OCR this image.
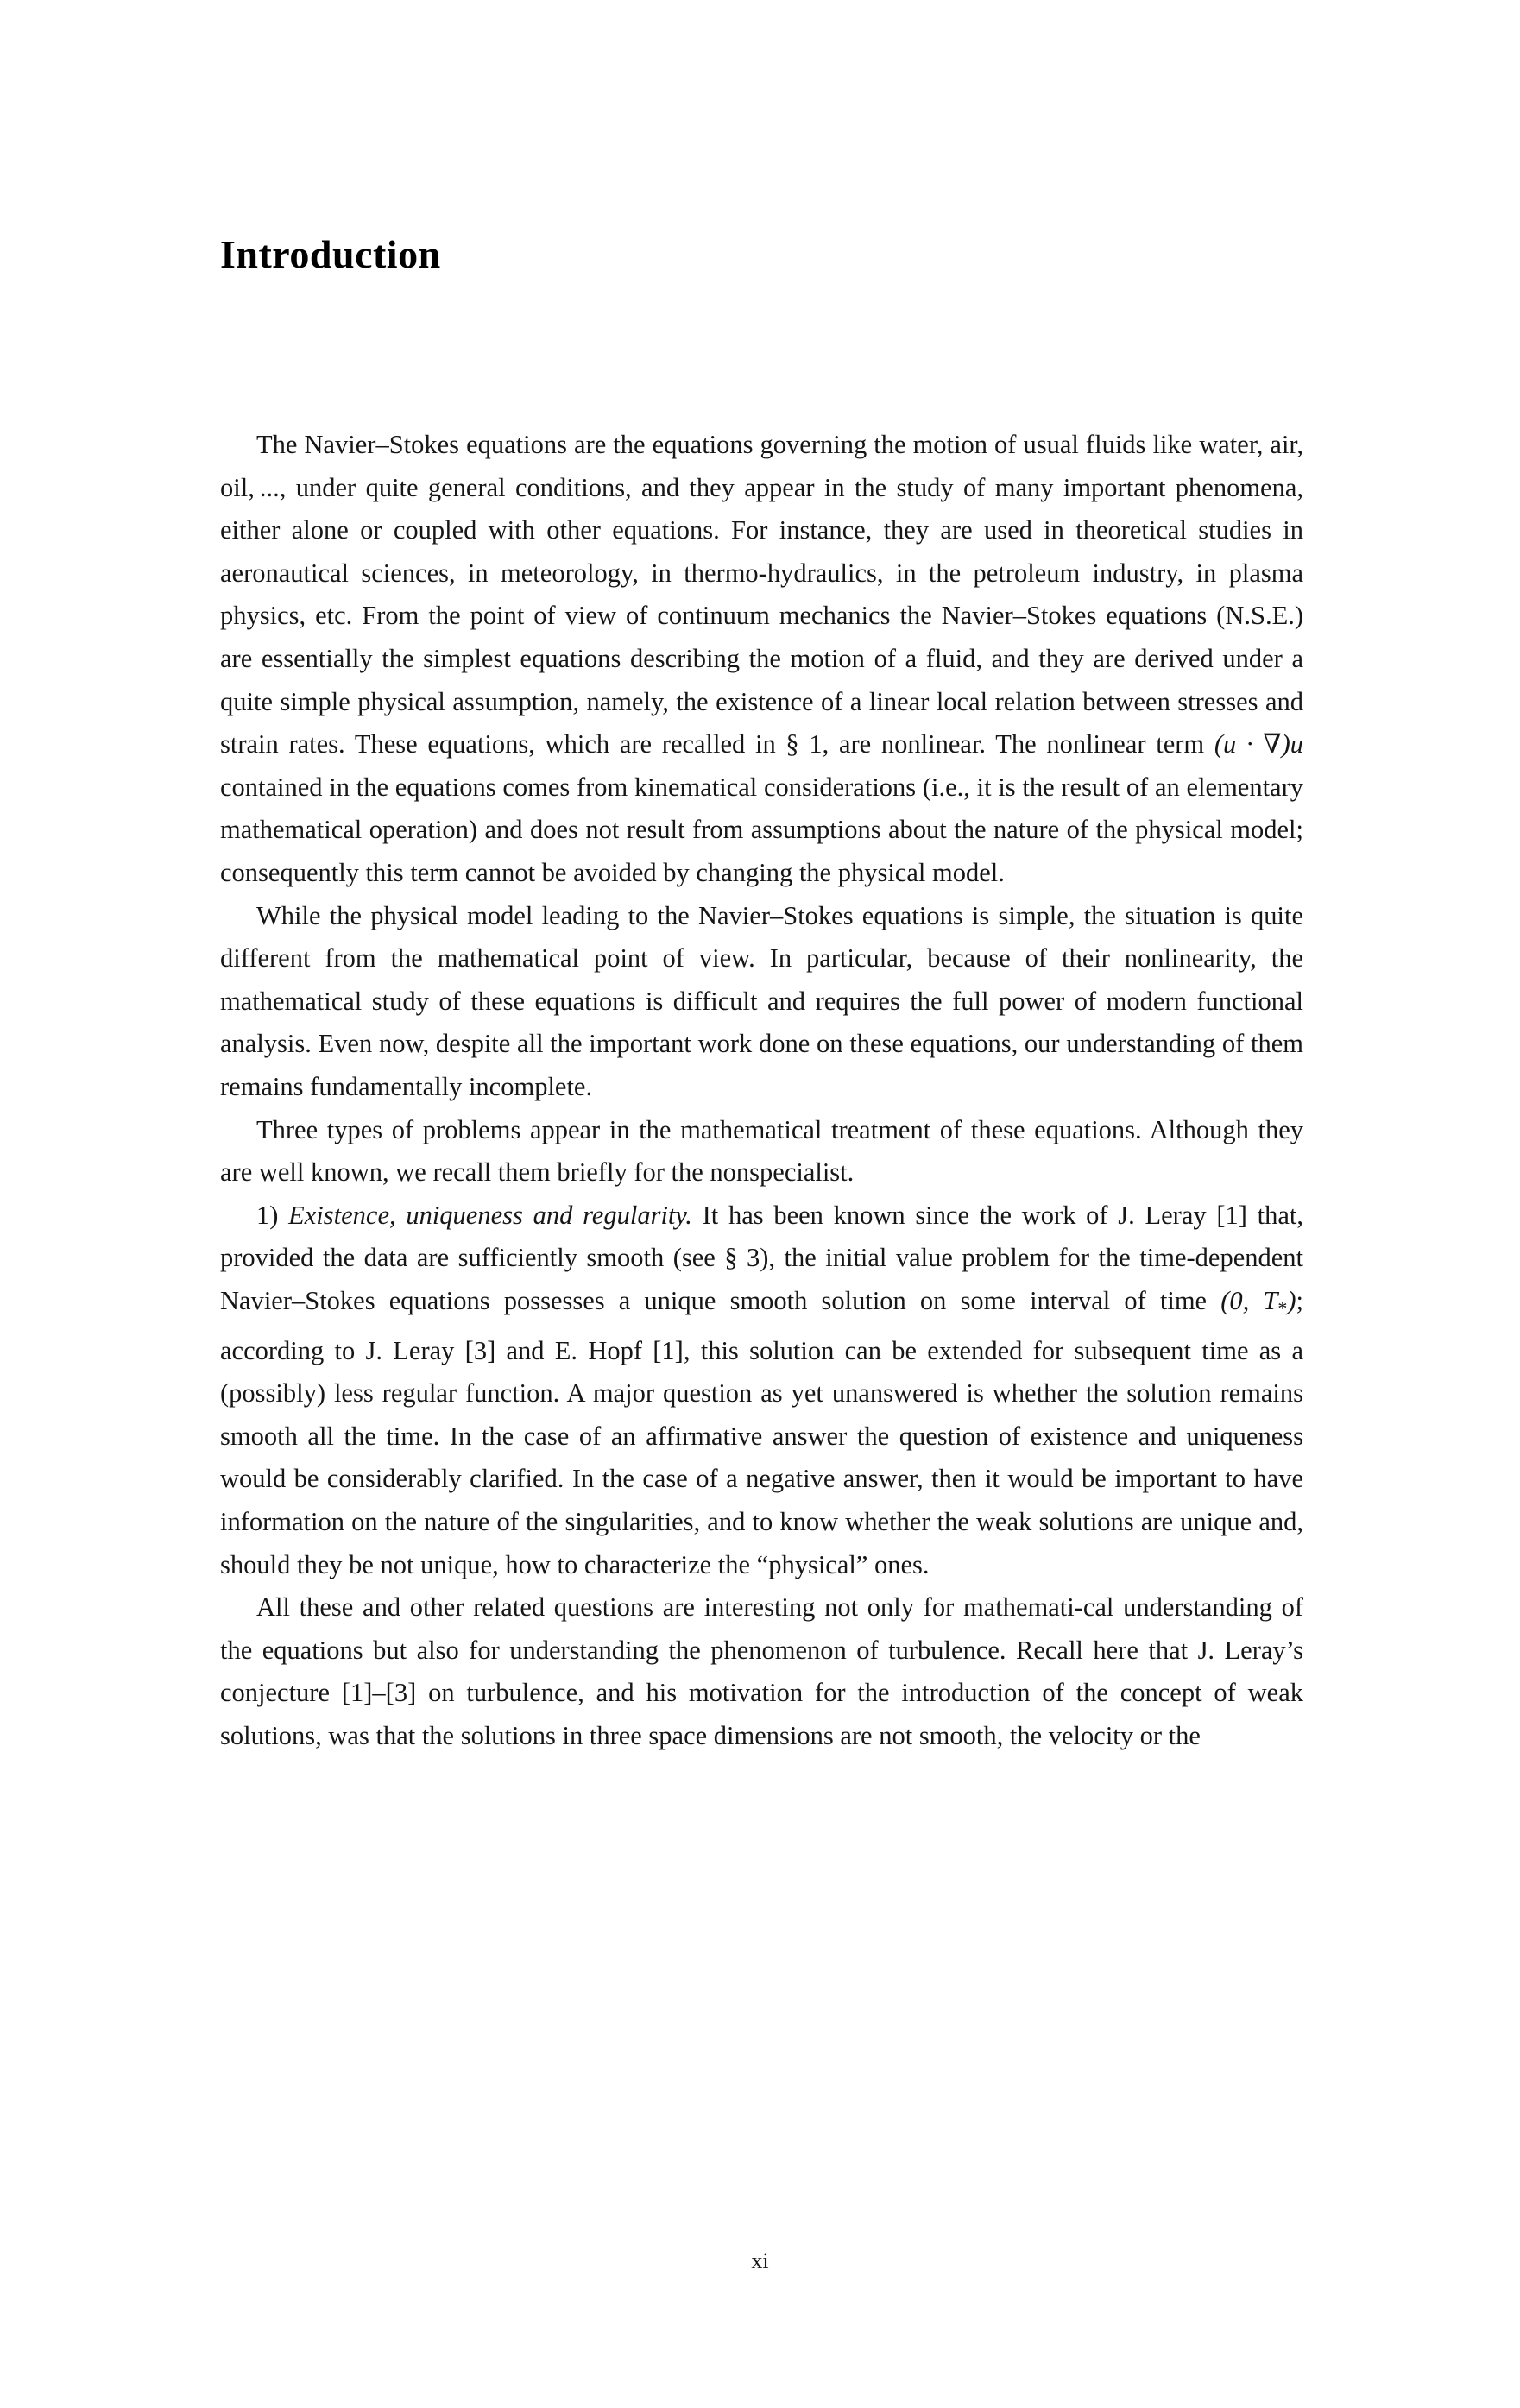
Introduction

The Navier–Stokes equations are the equations governing the motion of usual fluids like water, air, oil, ..., under quite general conditions, and they appear in the study of many important phenomena, either alone or coupled with other equations. For instance, they are used in theoretical studies in aeronautical sciences, in meteorology, in thermo-hydraulics, in the petroleum industry, in plasma physics, etc. From the point of view of continuum mechanics the Navier–Stokes equations (N.S.E.) are essentially the simplest equations describing the motion of a fluid, and they are derived under a quite simple physical assumption, namely, the existence of a linear local relation between stresses and strain rates. These equations, which are recalled in § 1, are nonlinear. The nonlinear term (u · ∇)u contained in the equations comes from kinematical considerations (i.e., it is the result of an elementary mathematical operation) and does not result from assumptions about the nature of the physical model; consequently this term cannot be avoided by changing the physical model.

While the physical model leading to the Navier–Stokes equations is simple, the situation is quite different from the mathematical point of view. In particular, because of their nonlinearity, the mathematical study of these equations is difficult and requires the full power of modern functional analysis. Even now, despite all the important work done on these equations, our understanding of them remains fundamentally incomplete.

Three types of problems appear in the mathematical treatment of these equations. Although they are well known, we recall them briefly for the nonspecialist.

1) Existence, uniqueness and regularity. It has been known since the work of J. Leray [1] that, provided the data are sufficiently smooth (see § 3), the initial value problem for the time-dependent Navier–Stokes equations possesses a unique smooth solution on some interval of time (0, $T_*$); according to J. Leray [3] and E. Hopf [1], this solution can be extended for subsequent time as a (possibly) less regular function. A major question as yet unanswered is whether the solution remains smooth all the time. In the case of an affirmative answer the question of existence and uniqueness would be considerably clarified. In the case of a negative answer, then it would be important to have information on the nature of the singularities, and to know whether the weak solutions are unique and, should they be not unique, how to characterize the “physical” ones.

All these and other related questions are interesting not only for mathemati-cal understanding of the equations but also for understanding the phenomenon of turbulence. Recall here that J. Leray’s conjecture [1]–[3] on turbulence, and his motivation for the introduction of the concept of weak solutions, was that the solutions in three space dimensions are not smooth, the velocity or the

xi
